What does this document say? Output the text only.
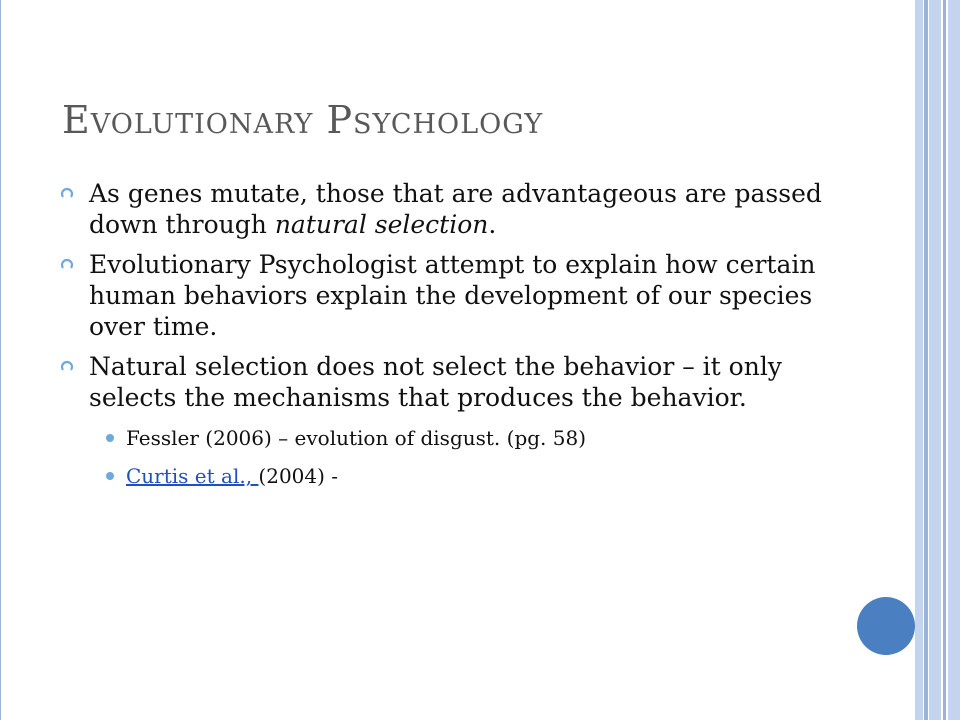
Evolutionary Psychology
As genes mutate, those that are advantageous are passed down through natural selection.
Evolutionary Psychologist attempt to explain how certain human behaviors explain the development of our species over time.
Natural selection does not select the behavior – it only selects the mechanisms that produces the behavior.
Fessler (2006) – evolution of disgust. (pg. 58)
Curtis et al., (2004) -
